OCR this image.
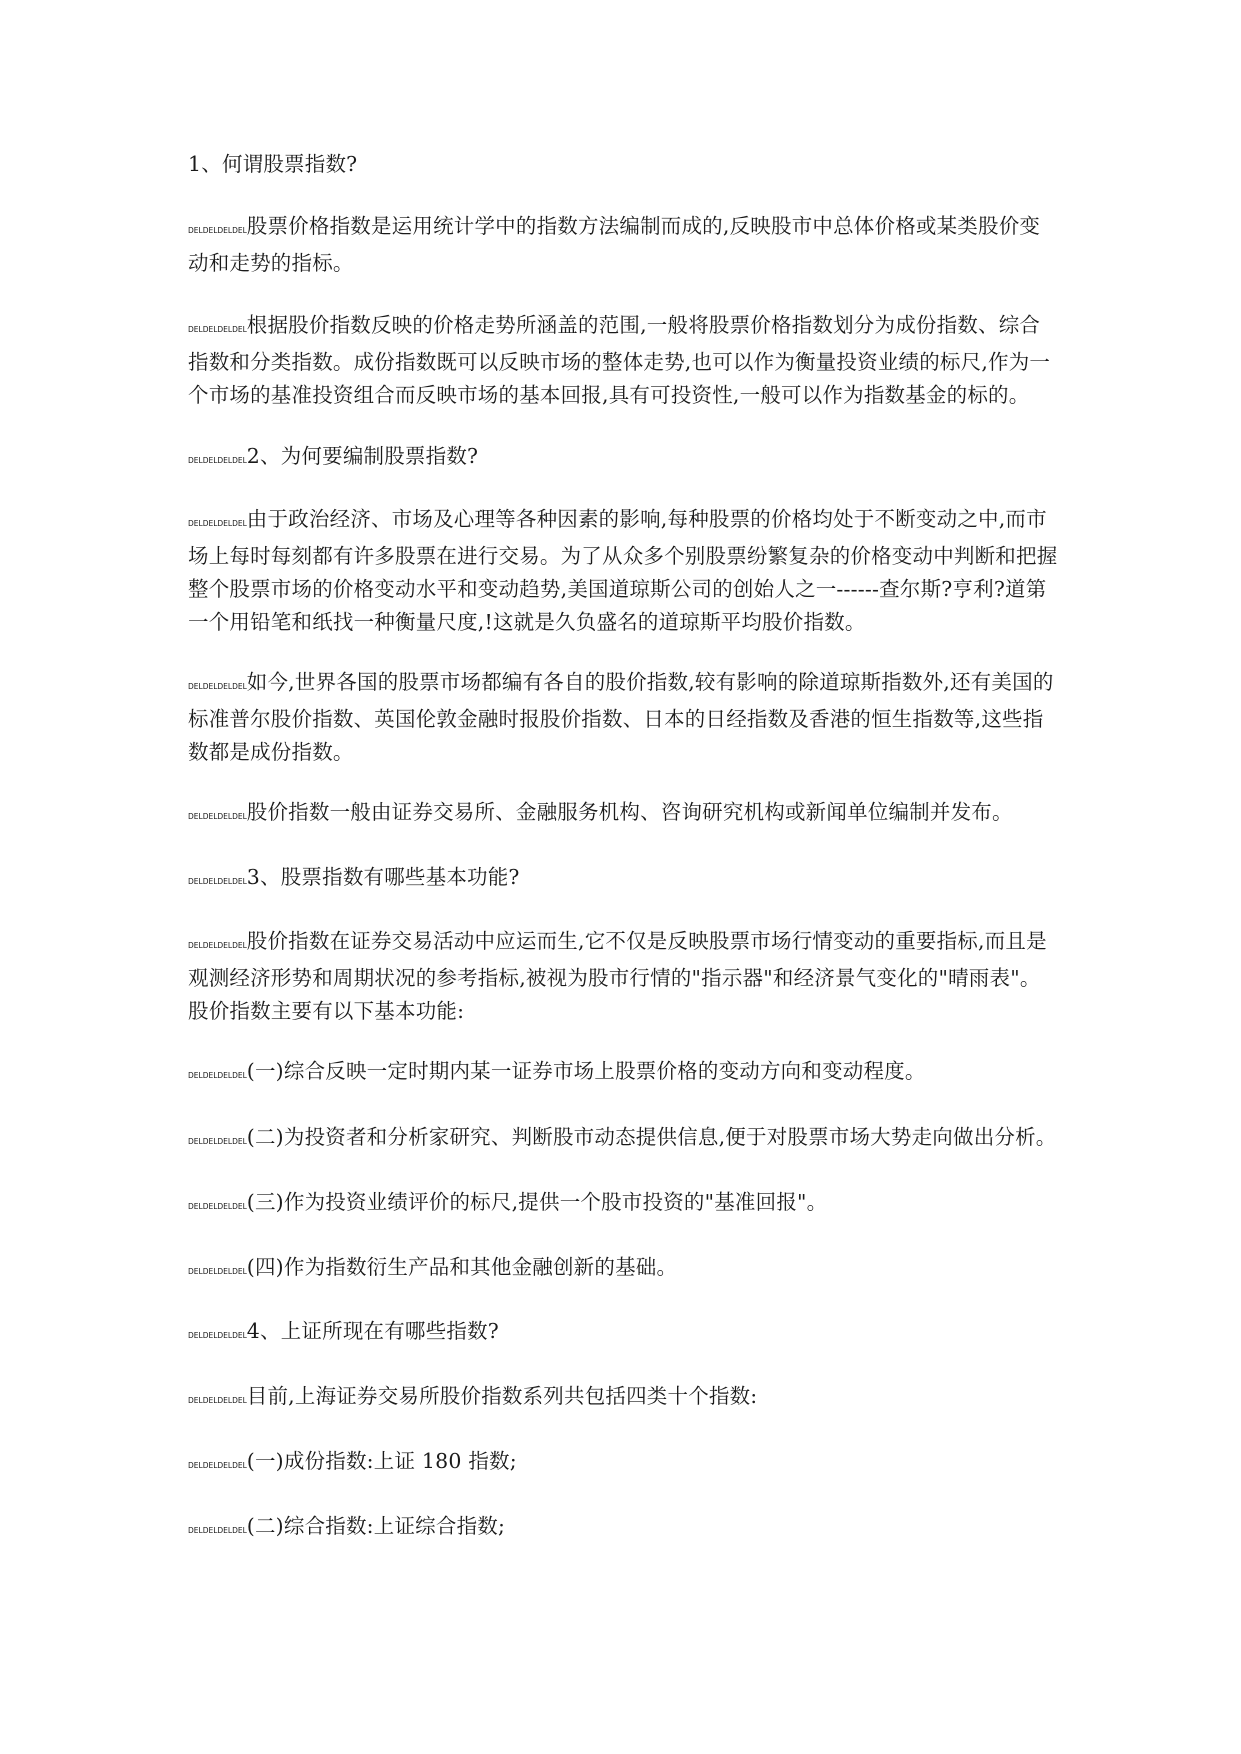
1、何谓股票指数?

DELDELDELDEL股票价格指数是运用统计学中的指数方法编制而成的,反映股市中总体价格或某类股价变动和走势的指标。

DELDELDELDEL根据股价指数反映的价格走势所涵盖的范围,一般将股票价格指数划分为成份指数、综合指数和分类指数。成份指数既可以反映市场的整体走势,也可以作为衡量投资业绩的标尺,作为一个市场的基准投资组合而反映市场的基本回报,具有可投资性,一般可以作为指数基金的标的。

DELDELDELDEL2、为何要编制股票指数?

DELDELDELDEL由于政治经济、市场及心理等各种因素的影响,每种股票的价格均处于不断变动之中,而市场上每时每刻都有许多股票在进行交易。为了从众多个别股票纷繁复杂的价格变动中判断和把握整个股票市场的价格变动水平和变动趋势,美国道琼斯公司的创始人之一------查尔斯?亨利?道第一个用铅笔和纸找一种衡量尺度,!这就是久负盛名的道琼斯平均股价指数。

DELDELDELDEL如今,世界各国的股票市场都编有各自的股价指数,较有影响的除道琼斯指数外,还有美国的标准普尔股价指数、英国伦敦金融时报股价指数、日本的日经指数及香港的恒生指数等,这些指数都是成份指数。

DELDELDELDEL股价指数一般由证券交易所、金融服务机构、咨询研究机构或新闻单位编制并发布。

DELDELDELDEL3、股票指数有哪些基本功能?

DELDELDELDEL股价指数在证券交易活动中应运而生,它不仅是反映股票市场行情变动的重要指标,而且是观测经济形势和周期状况的参考指标,被视为股市行情的"指示器"和经济景气变化的"晴雨表"。股价指数主要有以下基本功能:

DELDELDELDEL(一)综合反映一定时期内某一证券市场上股票价格的变动方向和变动程度。

DELDELDELDEL(二)为投资者和分析家研究、判断股市动态提供信息,便于对股票市场大势走向做出分析。

DELDELDELDEL(三)作为投资业绩评价的标尺,提供一个股市投资的"基准回报"。

DELDELDELDEL(四)作为指数衍生产品和其他金融创新的基础。

DELDELDELDEL4、上证所现在有哪些指数?

DELDELDELDEL目前,上海证券交易所股价指数系列共包括四类十个指数:

DELDELDELDEL(一)成份指数:上证 180 指数;

DELDELDELDEL(二)综合指数:上证综合指数;
